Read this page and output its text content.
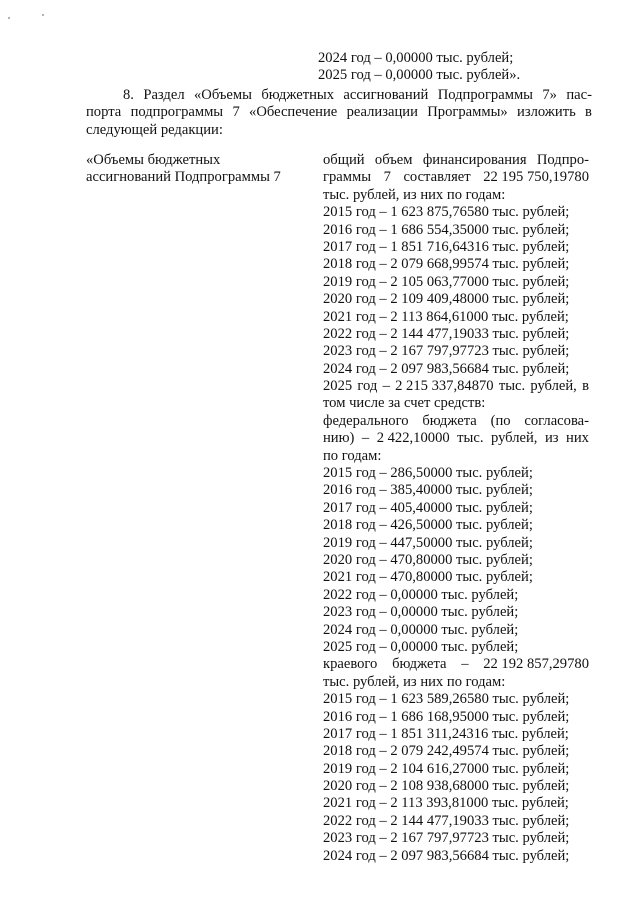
2024 год – 0,00000 тыс. рублей;
2025 год – 0,00000 тыс. рублей».
8. Раздел «Объемы бюджетных ассигнований Подпрограммы 7» пас-
порта подпрограммы 7 «Обеспечение реализации Программы» изложить в
следующей редакции:
«Объемы бюджетных
ассигнований Подпрограммы 7
общий объем финансирования Подпро-
граммы 7 составляет 22 195 750,19780
тыс. рублей, из них по годам:
2015 год – 1 623 875,76580 тыс. рублей;
2016 год – 1 686 554,35000 тыс. рублей;
2017 год – 1 851 716,64316 тыс. рублей;
2018 год – 2 079 668,99574 тыс. рублей;
2019 год – 2 105 063,77000 тыс. рублей;
2020 год – 2 109 409,48000 тыс. рублей;
2021 год – 2 113 864,61000 тыс. рублей;
2022 год – 2 144 477,19033 тыс. рублей;
2023 год – 2 167 797,97723 тыс. рублей;
2024 год – 2 097 983,56684 тыс. рублей;
2025 год – 2 215 337,84870 тыс. рублей, в
том числе за счет средств:
федерального бюджета (по согласова-
нию) – 2 422,10000 тыс. рублей, из них
по годам:
2015 год – 286,50000 тыс. рублей;
2016 год – 385,40000 тыс. рублей;
2017 год – 405,40000 тыс. рублей;
2018 год – 426,50000 тыс. рублей;
2019 год – 447,50000 тыс. рублей;
2020 год – 470,80000 тыс. рублей;
2021 год – 470,80000 тыс. рублей;
2022 год – 0,00000 тыс. рублей;
2023 год – 0,00000 тыс. рублей;
2024 год – 0,00000 тыс. рублей;
2025 год – 0,00000 тыс. рублей;
краевого бюджета – 22 192 857,29780
тыс. рублей, из них по годам:
2015 год – 1 623 589,26580 тыс. рублей;
2016 год – 1 686 168,95000 тыс. рублей;
2017 год – 1 851 311,24316 тыс. рублей;
2018 год – 2 079 242,49574 тыс. рублей;
2019 год – 2 104 616,27000 тыс. рублей;
2020 год – 2 108 938,68000 тыс. рублей;
2021 год – 2 113 393,81000 тыс. рублей;
2022 год – 2 144 477,19033 тыс. рублей;
2023 год – 2 167 797,97723 тыс. рублей;
2024 год – 2 097 983,56684 тыс. рублей;
